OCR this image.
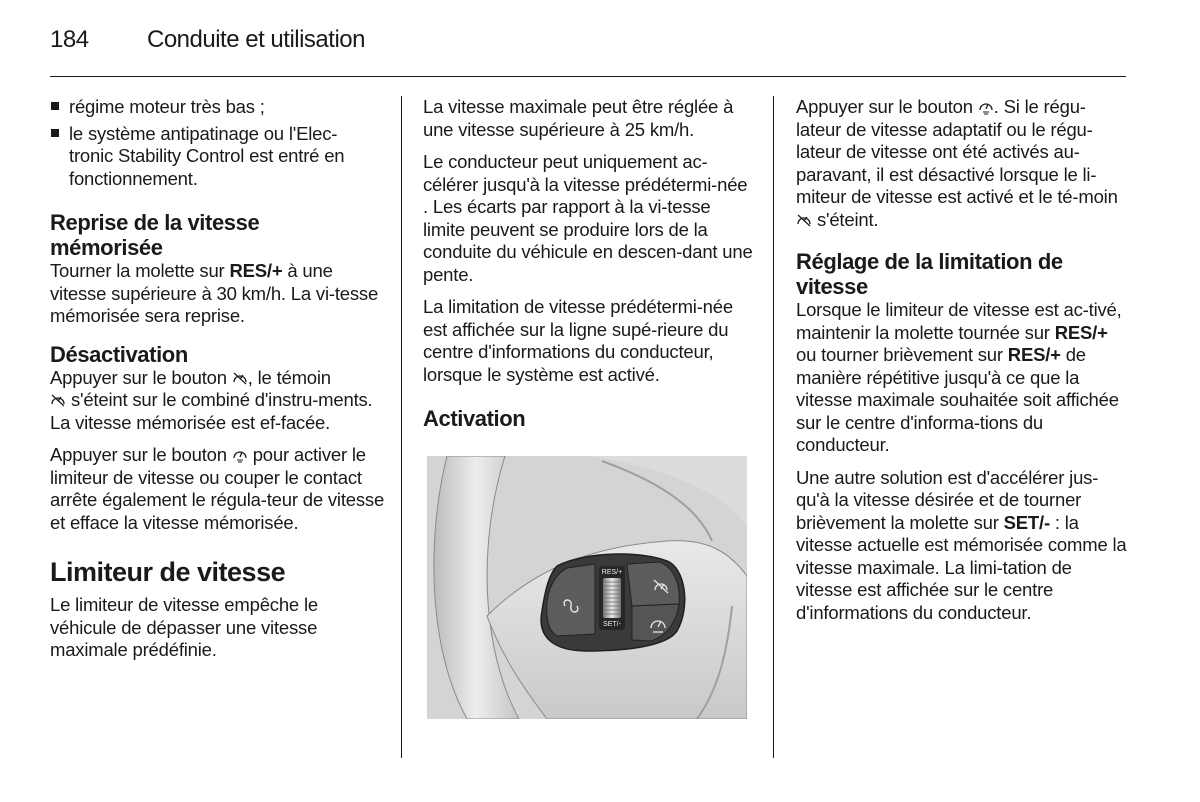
184 Conduite et utilisation
régime moteur très bas ;
le système antipatinage ou l'Elec-
tronic Stability Control est entré en
fonctionnement.
Reprise de la vitesse
mémorisée

Tourner la molette sur RES/+ à une vitesse supérieure à 30 km/h. La vi-tesse mémorisée sera reprise.

Désactivation

Appuyer sur le bouton
, le témoin

s'éteint sur le combiné d'instru-ments. La vitesse mémorisée est ef-facée.

Appuyer sur le bouton
pour activer le limiteur de vitesse ou couper le contact arrête également le régula-teur de vitesse et efface la vitesse mémorisée.

Limiteur de vitesse

Le limiteur de vitesse empêche le véhicule de dépasser une vitesse maximale prédéfinie.

La vitesse maximale peut être réglée à une vitesse supérieure à 25 km/h.

Le conducteur peut uniquement ac-célérer jusqu'à la vitesse prédétermi-née . Les écarts par rapport à la vi-tesse limite peuvent se produire lors de la conduite du véhicule en descen-dant une pente.

La limitation de vitesse prédétermi-née est affichée sur la ligne supé-rieure du centre d'informations du conducteur, lorsque le système est activé.

Activation
RES/+
SET/-

Appuyer sur le bouton
. Si le régu-lateur de vitesse adaptatif ou le régu-lateur de vitesse ont été activés au-paravant, il est désactivé lorsque le li-miteur de vitesse est activé et le té-moin
s'éteint.

Réglage de la limitation de
vitesse

Lorsque le limiteur de vitesse est ac-tivé, maintenir la molette tournée sur RES/+ ou tourner brièvement sur RES/+ de manière répétitive jusqu'à ce que la vitesse maximale souhaitée soit affichée sur le centre d'informa-tions du conducteur.

Une autre solution est d'accélérer jus-qu'à la vitesse désirée et de tourner brièvement la molette sur SET/- : la vitesse actuelle est mémorisée comme la vitesse maximale. La limi-tation de vitesse est affichée sur le centre d'informations du conducteur.
